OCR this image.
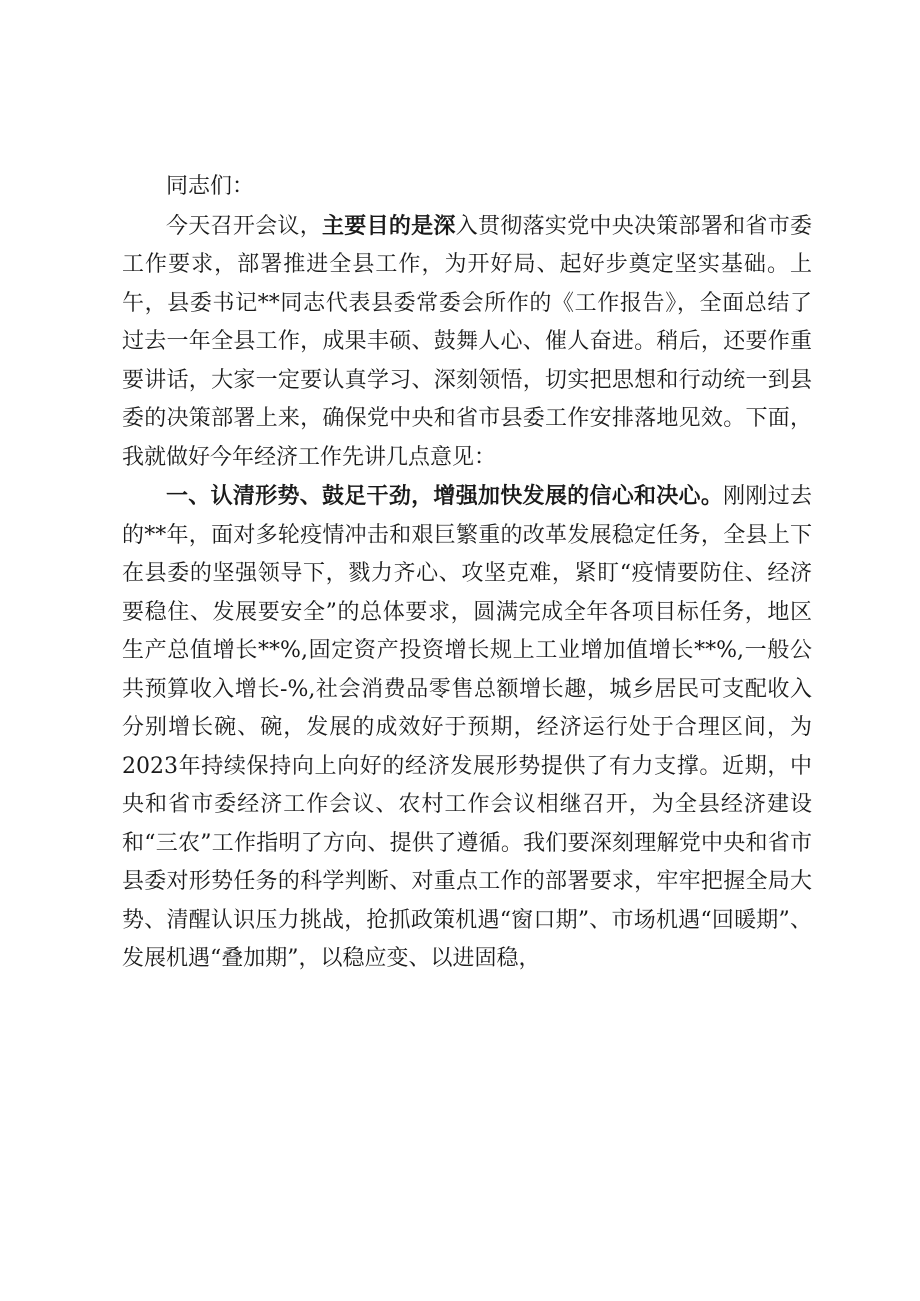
同志们：

今天召开会议，主要目的是深入贯彻落实党中央决策部署和省市委工作要求，部署推进全县工作，为开好局、起好步奠定坚实基础。上午，县委书记**同志代表县委常委会所作的《工作报告》，全面总结了过去一年全县工作，成果丰硕、鼓舞人心、催人奋进。稍后，还要作重要讲话，大家一定要认真学习、深刻领悟，切实把思想和行动统一到县委的决策部署上来，确保党中央和省市县委工作安排落地见效。下面，我就做好今年经济工作先讲几点意见：

一、认清形势、鼓足干劲，增强加快发展的信心和决心。刚刚过去的**年，面对多轮疫情冲击和艰巨繁重的改革发展稳定任务，全县上下在县委的坚强领导下，戮力齐心、攻坚克难，紧盯“疫情要防住、经济要稳住、发展要安全”的总体要求，圆满完成全年各项目标任务，地区生产总值增长**%,固定资产投资增长规上工业增加值增长**%,一般公共预算收入增长-%,社会消费品零售总额增长趣，城乡居民可支配收入分别增长碗、碗，发展的成效好于预期，经济运行处于合理区间，为2023年持续保持向上向好的经济发展形势提供了有力支撑。近期，中央和省市委经济工作会议、农村工作会议相继召开，为全县经济建设和“三农”工作指明了方向、提供了遵循。我们要深刻理解党中央和省市县委对形势任务的科学判断、对重点工作的部署要求，牢牢把握全局大势、清醒认识压力挑战，抢抓政策机遇“窗口期”、市场机遇“回暖期”、发展机遇“叠加期”，以稳应变、以进固稳，
